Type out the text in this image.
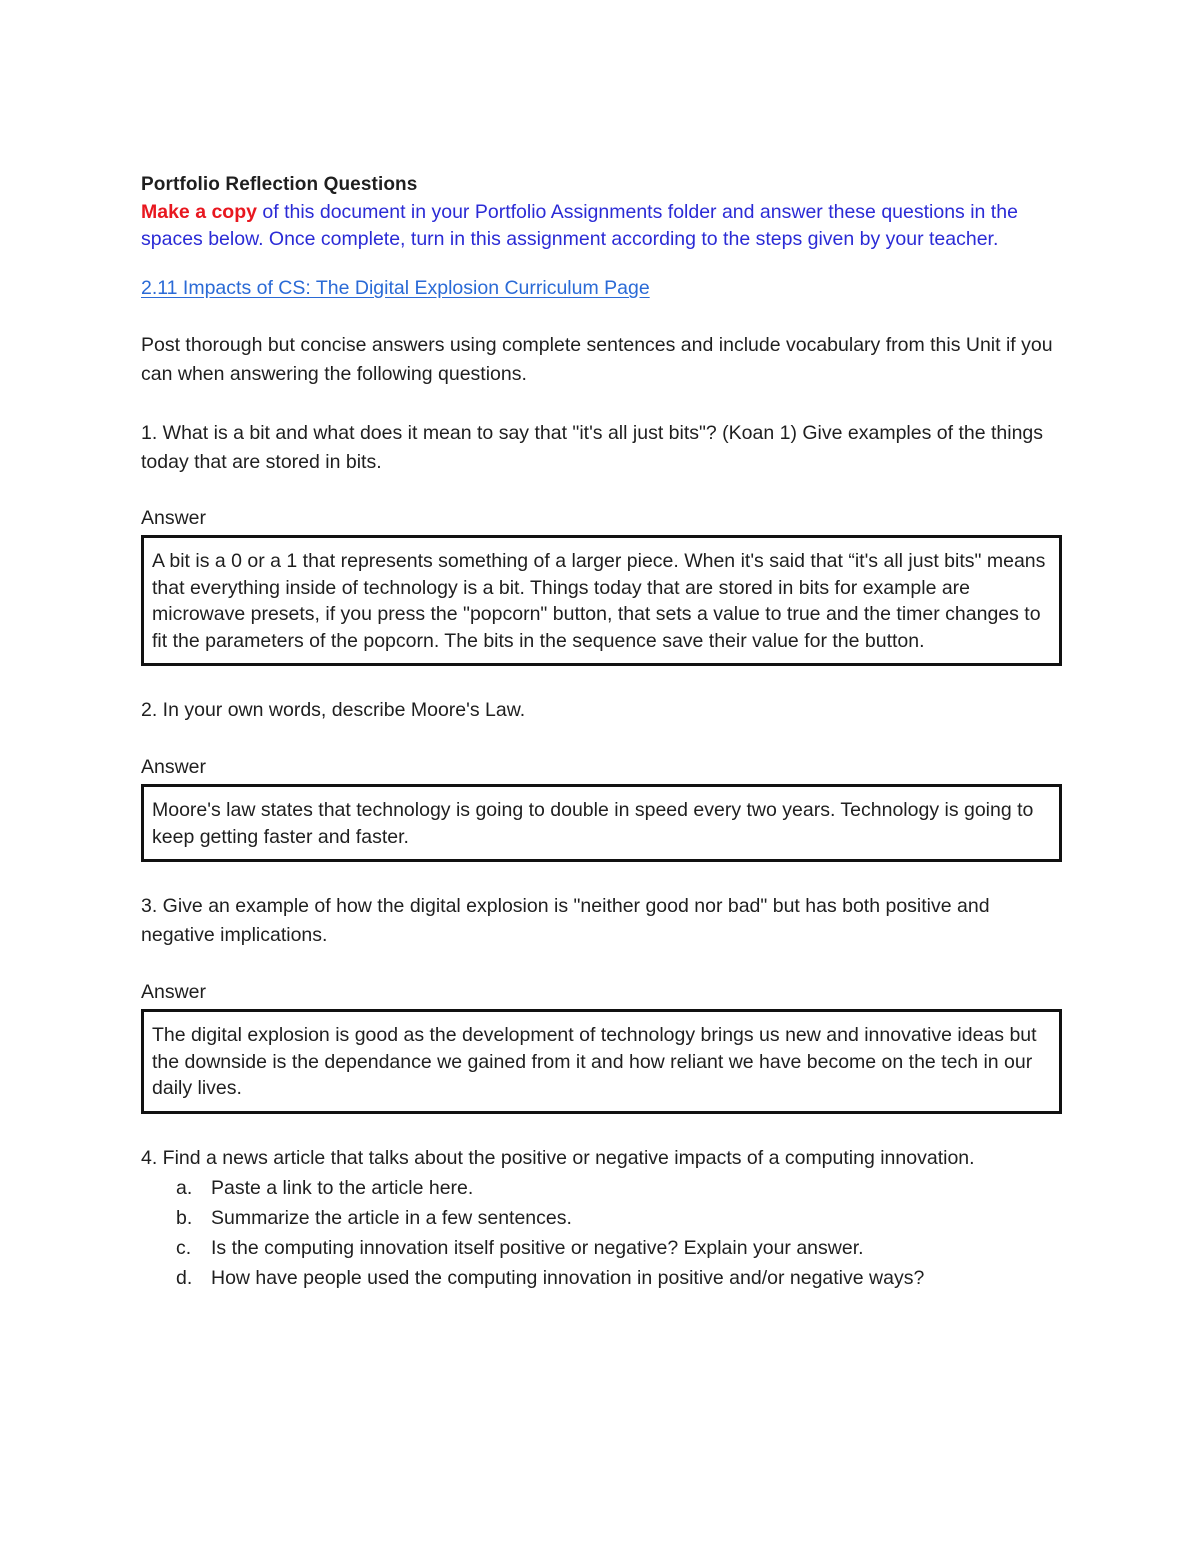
Portfolio Reflection Questions

Make a copy of this document in your Portfolio Assignments folder and answer these questions in the spaces below. Once complete, turn in this assignment according to the steps given by your teacher.

2.11 Impacts of CS: The Digital Explosion Curriculum Page

Post thorough but concise answers using complete sentences and include vocabulary from this Unit if you can when answering the following questions.

1. What is a bit and what does it mean to say that "it's all just bits"? (Koan 1) Give examples of the things today that are stored in bits.

Answer

A bit is a 0 or a 1 that represents something of a larger piece. When it's said that “it's all just bits" means that everything inside of technology is a bit. Things today that are stored in bits for example are microwave presets, if you press the "popcorn" button, that sets a value to true and the timer changes to fit the parameters of the popcorn. The bits in the sequence save their value for the button.

2. In your own words, describe Moore's Law.

Answer

Moore's law states that technology is going to double in speed every two years. Technology is going to keep getting faster and faster.

3. Give an example of how the digital explosion is "neither good nor bad" but has both positive and negative implications.

Answer

The digital explosion is good as the development of technology brings us new and innovative ideas but the downside is the dependance we gained from it and how reliant we have become on the tech in our daily lives.

4. Find a news article that talks about the positive or negative impacts of a computing innovation.

a. Paste a link to the article here.
b. Summarize the article in a few sentences.
c. Is the computing innovation itself positive or negative? Explain your answer.
d. How have people used the computing innovation in positive and/or negative ways?
